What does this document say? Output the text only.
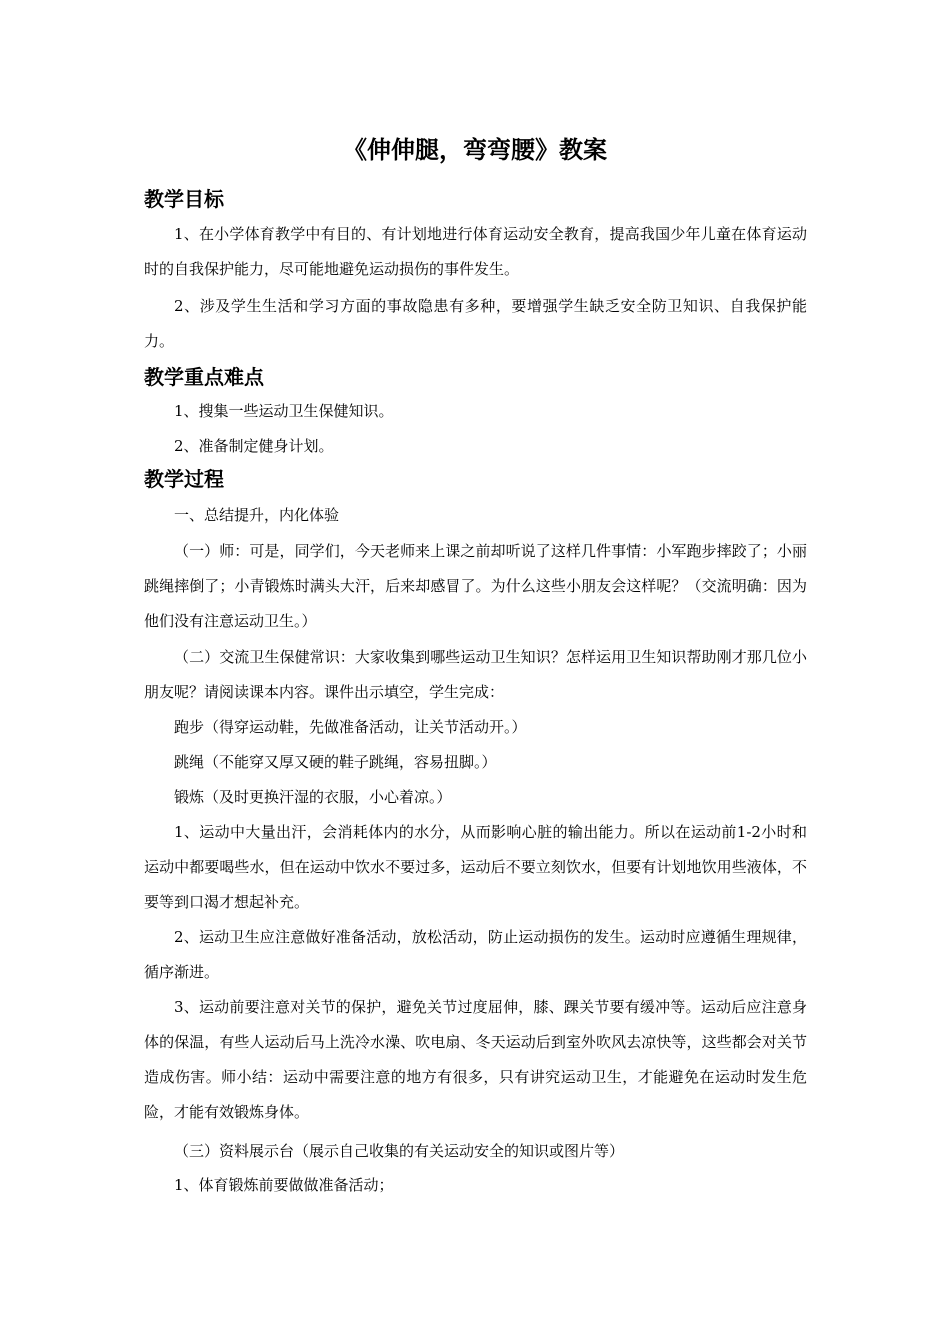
《伸伸腿，弯弯腰》教案
教学目标

1、在小学体育教学中有目的、有计划地进行体育运动安全教育，提高我国少年儿童在体育运动时的自我保护能力，尽可能地避免运动损伤的事件发生。

2、涉及学生生活和学习方面的事故隐患有多种，要增强学生缺乏安全防卫知识、自我保护能力。

教学重点难点

1、搜集一些运动卫生保健知识。

2、准备制定健身计划。

教学过程

一、总结提升，内化体验

（一）师：可是，同学们，今天老师来上课之前却听说了这样几件事情：小军跑步摔跤了；小丽跳绳摔倒了；小青锻炼时满头大汗，后来却感冒了。为什么这些小朋友会这样呢？（交流明确：因为他们没有注意运动卫生。）

（二）交流卫生保健常识：大家收集到哪些运动卫生知识？怎样运用卫生知识帮助刚才那几位小朋友呢？请阅读课本内容。课件出示填空，学生完成：

跑步（得穿运动鞋，先做准备活动，让关节活动开。）

跳绳（不能穿又厚又硬的鞋子跳绳，容易扭脚。）

锻炼（及时更换汗湿的衣服，小心着凉。）

1、运动中大量出汗，会消耗体内的水分，从而影响心脏的输出能力。所以在运动前1-2小时和运动中都要喝些水，但在运动中饮水不要过多，运动后不要立刻饮水，但要有计划地饮用些液体，不要等到口渴才想起补充。

2、运动卫生应注意做好准备活动，放松活动，防止运动损伤的发生。运动时应遵循生理规律，循序渐进。

3、运动前要注意对关节的保护，避免关节过度屈伸，膝、踝关节要有缓冲等。运动后应注意身体的保温，有些人运动后马上洗冷水澡、吹电扇、冬天运动后到室外吹风去凉快等，这些都会对关节造成伤害。师小结：运动中需要注意的地方有很多，只有讲究运动卫生，才能避免在运动时发生危险，才能有效锻炼身体。

（三）资料展示台（展示自己收集的有关运动安全的知识或图片等）

1、体育锻炼前要做做准备活动；
